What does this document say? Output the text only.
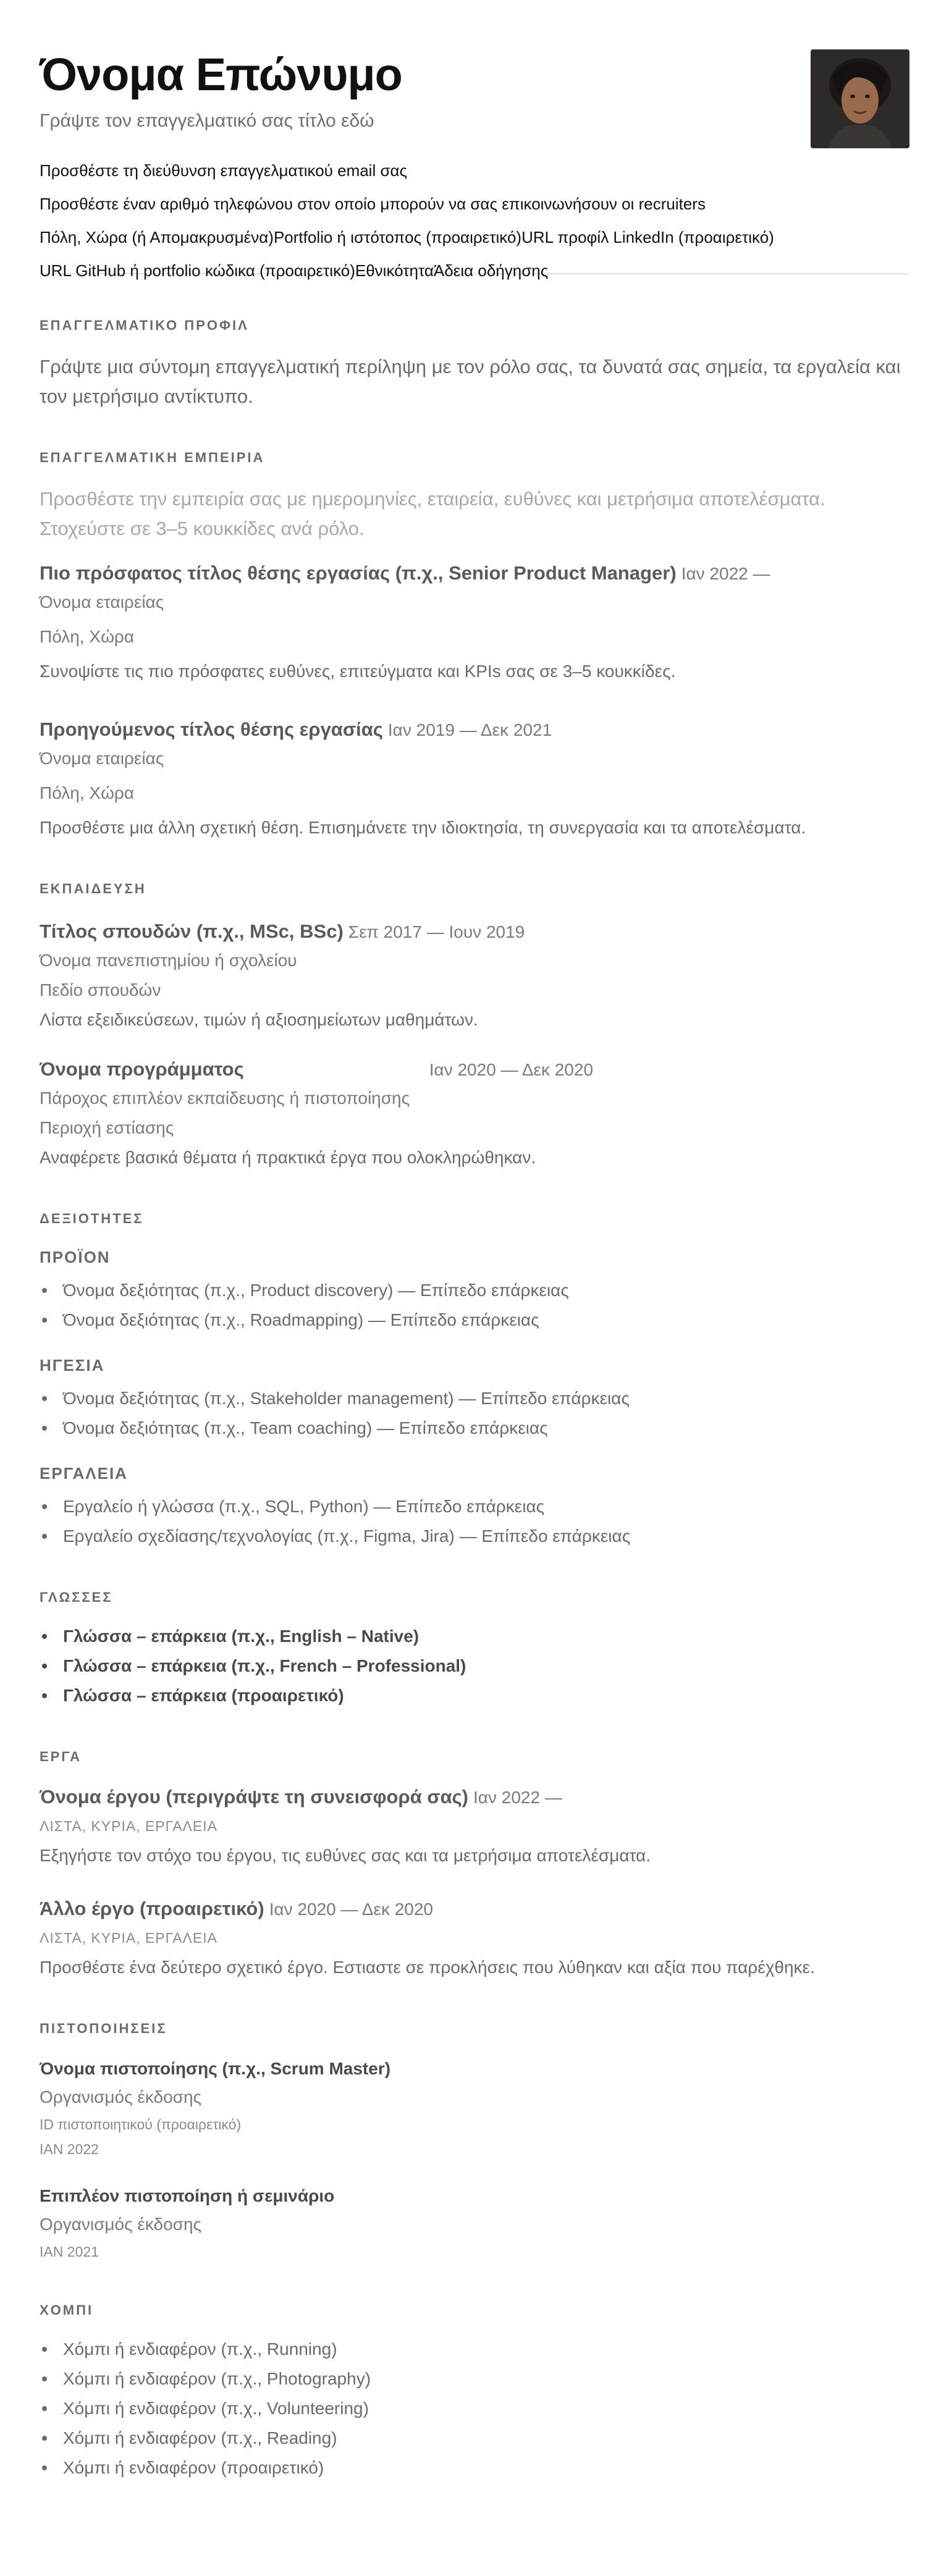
Όνομα Επώνυμο
Γράψτε τον επαγγελματικό σας τίτλο εδώ
Προσθέστε τη διεύθυνση επαγγελματικού email σας
Προσθέστε έναν αριθμό τηλεφώνου στον οποίο μπορούν να σας επικοινωνήσουν οι recruiters
Πόλη, Χώρα (ή Απομακρυσμένα)Portfolio ή ιστότοπος (προαιρετικό)URL προφίλ LinkedIn (προαιρετικό)
URL GitHub ή portfolio κώδικα (προαιρετικό)ΕθνικότηταΆδεια οδήγησης
ΕΠΑΓΓΕΛΜΑΤΙΚΟ ΠΡΟΦΙΛ
Γράψτε μια σύντομη επαγγελματική περίληψη με τον ρόλο σας, τα δυνατά σας σημεία, τα εργαλεία και τον μετρήσιμο αντίκτυπο.
ΕΠΑΓΓΕΛΜΑΤΙΚΗ ΕΜΠΕΙΡΙΑ
Προσθέστε την εμπειρία σας με ημερομηνίες, εταιρεία, ευθύνες και μετρήσιμα αποτελέσματα. Στοχεύστε σε 3–5 κουκκίδες ανά ρόλο.
Πιο πρόσφατος τίτλος θέσης εργασίας (π.χ., Senior Product Manager) Ιαν 2022 —
Όνομα εταιρείας
Πόλη, Χώρα
Συνοψίστε τις πιο πρόσφατες ευθύνες, επιτεύγματα και KPIs σας σε 3–5 κουκκίδες.
Προηγούμενος τίτλος θέσης εργασίας Ιαν 2019 — Δεκ 2021
Όνομα εταιρείας
Πόλη, Χώρα
Προσθέστε μια άλλη σχετική θέση. Επισημάνετε την ιδιοκτησία, τη συνεργασία και τα αποτελέσματα.
ΕΚΠΑΙΔΕΥΣΗ
Τίτλος σπουδών (π.χ., MSc, BSc) Σεπ 2017 — Ιουν 2019
Όνομα πανεπιστημίου ή σχολείου
Πεδίο σπουδών
Λίστα εξειδικεύσεων, τιμών ή αξιοσημείωτων μαθημάτων.
Όνομα προγράμματος	Ιαν 2020 — Δεκ 2020
Πάροχος επιπλέον εκπαίδευσης ή πιστοποίησης
Περιοχή εστίασης
Αναφέρετε βασικά θέματα ή πρακτικά έργα που ολοκληρώθηκαν.
ΔΕΞΙΟΤΗΤΕΣ
ΠΡΟΪΟΝ
Όνομα δεξιότητας (π.χ., Product discovery) — Επίπεδο επάρκειας
Όνομα δεξιότητας (π.χ., Roadmapping) — Επίπεδο επάρκειας
ΗΓΕΣΙΑ
Όνομα δεξιότητας (π.χ., Stakeholder management) — Επίπεδο επάρκειας
Όνομα δεξιότητας (π.χ., Team coaching) — Επίπεδο επάρκειας
ΕΡΓΑΛΕΙΑ
Εργαλείο ή γλώσσα (π.χ., SQL, Python) — Επίπεδο επάρκειας
Εργαλείο σχεδίασης/τεχνολογίας (π.χ., Figma, Jira) — Επίπεδο επάρκειας
ΓΛΩΣΣΕΣ
Γλώσσα – επάρκεια (π.χ., English – Native)
Γλώσσα – επάρκεια (π.χ., French – Professional)
Γλώσσα – επάρκεια (προαιρετικό)
ΕΡΓΑ
Όνομα έργου (περιγράψτε τη συνεισφορά σας) Ιαν 2022 —
ΛΙΣΤΑ, ΚΥΡΙΑ, ΕΡΓΑΛΕΙΑ
Εξηγήστε τον στόχο του έργου, τις ευθύνες σας και τα μετρήσιμα αποτελέσματα.
Άλλο έργο (προαιρετικό) Ιαν 2020 — Δεκ 2020
ΛΙΣΤΑ, ΚΥΡΙΑ, ΕΡΓΑΛΕΙΑ
Προσθέστε ένα δεύτερο σχετικό έργο. Εστιαστε σε προκλήσεις που λύθηκαν και αξία που παρέχθηκε.
ΠΙΣΤΟΠΟΙΗΣΕΙΣ
Όνομα πιστοποίησης (π.χ., Scrum Master)
Οργανισμός έκδοσης
ID πιστοποιητικού (προαιρετικό)
ΙΑΝ 2022
Επιπλέον πιστοποίηση ή σεμινάριο
Οργανισμός έκδοσης
ΙΑΝ 2021
ΧΟΜΠΙ
Χόμπι ή ενδιαφέρον (π.χ., Running)
Χόμπι ή ενδιαφέρον (π.χ., Photography)
Χόμπι ή ενδιαφέρον (π.χ., Volunteering)
Χόμπι ή ενδιαφέρον (π.χ., Reading)
Χόμπι ή ενδιαφέρον (προαιρετικό)
